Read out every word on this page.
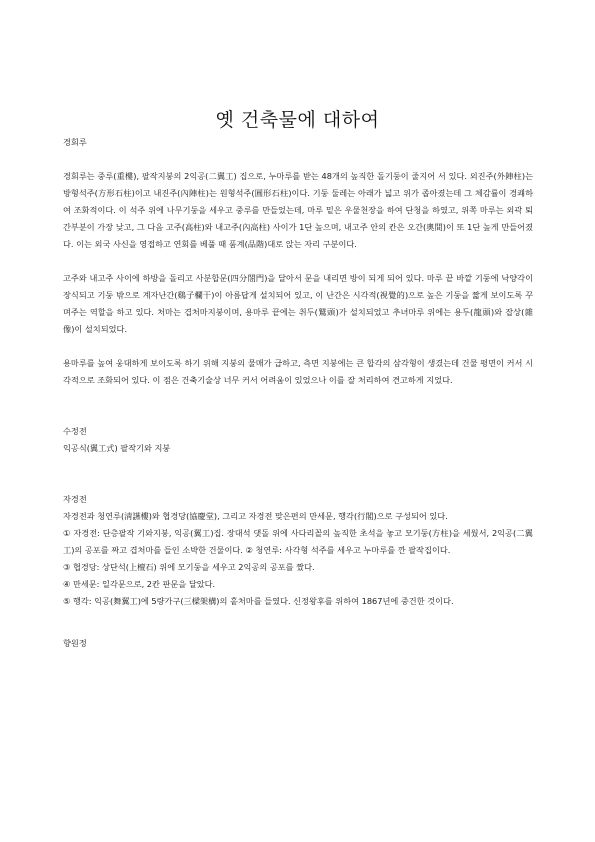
옛 건축물에 대하여

경회루

경회루는 중루(重樓), 팔작지붕의 2익공(二翼工) 집으로, 누마루를 받는 48개의 높직한 돌기둥이 줄지어 서 있다. 외진주(外陣柱)는 방형석주(方形石柱)이고 내진주(內陣柱)는 원형석주(圓形石柱)이다. 기둥 둘레는 아래가 넓고 위가 좁아졌는데 그 체감률이 경쾌하여 조화적이다. 이 석주 위에 나무기둥을 세우고 중루를 만들었는데, 마루 밑은 우물천장을 하여 단청을 하였고, 위쪽 마루는 외곽 퇴간부분이 가장 낮고, 그 다음 고주(高柱)와 내고주(內高柱) 사이가 1단 높으며, 내고주 안의 칸은 오간(奧間)이 또 1단 높게 만들어졌다. 이는 외국 사신을 영접하고 연회를 베풀 때 품계(品階)대로 앉는 자리 구분이다.

고주와 내고주 사이에 하방을 돌리고 사분합문(四分閤門)을 달아서 문을 내리면 방이 되게 되어 있다. 마루 끝 바깥 기둥에 낙양각이 장식되고 기둥 밖으로 계자난간(鷄子欄干)이 아름답게 설치되어 있고, 이 난간은 시각적(視覺的)으로 높은 기둥을 짧게 보이도록 꾸며주는 역할을 하고 있다. 처마는 겹처마지붕이며, 용마루 끝에는 취두(鷲頭)가 설치되었고 추녀마루 위에는 용두(龍頭)와 잡상(雜像)이 설치되었다.

용마루를 높여 웅대하게 보이도록 하기 위해 지붕의 물매가 급하고, 측면 지붕에는 큰 합각의 삼각형이 생겼는데 건물 평면이 커서 시각적으로 조화되어 있다. 이 점은 건축기술상 너무 커서 어려움이 있었으나 이를 잘 처리하여 견고하게 지었다.

수정전

익공식(翼工式) 팔작기와 지붕

자경전

자경전과 청연루(淸讌樓)와 협경당(協慶堂), 그리고 자경전 맞은편의 만세문, 행각(行閣)으로 구성되어 있다.

① 자경전: 단층팔작 기와지붕, 익공(翼工)집. 장대석 댓돌 위에 사다리꼴의 높직한 초석을 놓고 모기둥(方柱)을 세웠서, 2익공(二翼工)의 공포를 짜고 겹처마를 들인 소박한 건물이다. ② 청연루: 사각형 석주를 세우고 누마루를 깐 팔작집이다.

③ 협경당: 상단석(上檀石) 위에 모기둥을 세우고 2익공의 공포를 짰다.

④ 만세문: 일각문으로, 2칸 판문을 달았다.

⑤ 행각: 익공(舞翼工)에 5량가구(三樑架構)의 홑처마를 들였다. 신정왕후를 위하여 1867년에 중건한 것이다.

향원정
